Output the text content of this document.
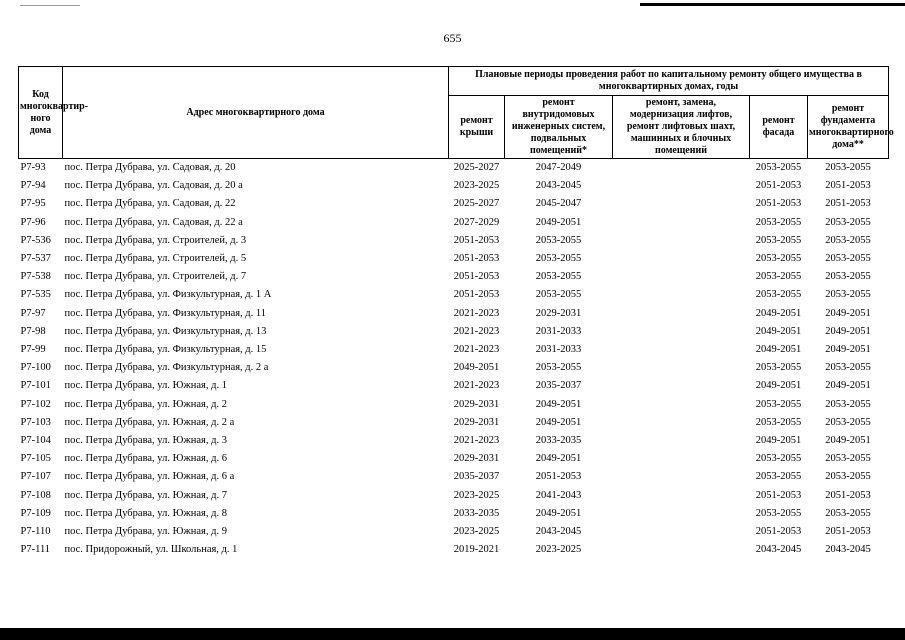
655
Код многоквартир-ного дома	Адрес многоквартирного дома	Плановые периоды проведения работ по капитальному ремонту общего имущества в многоквартирных домах, годы				
		ремонт крыши	ремонт внутридомовых инженерных систем, подвальных помещений*	ремонт, замена, модернизация лифтов, ремонт лифтовых шахт, машинных и блочных помещений	ремонт фасада	ремонт фундамента многоквартирного дома**
P7-93	пос. Петра Дубрава, ул. Садовая, д. 20	2025-2027	2047-2049		2053-2055	2053-2055
P7-94	пос. Петра Дубрава, ул. Садовая, д. 20 а	2023-2025	2043-2045		2051-2053	2051-2053
P7-95	пос. Петра Дубрава, ул. Садовая, д. 22	2025-2027	2045-2047		2051-2053	2051-2053
P7-96	пос. Петра Дубрава, ул. Садовая, д. 22 а	2027-2029	2049-2051		2053-2055	2053-2055
P7-536	пос. Петра Дубрава, ул. Строителей, д. 3	2051-2053	2053-2055		2053-2055	2053-2055
P7-537	пос. Петра Дубрава, ул. Строителей, д. 5	2051-2053	2053-2055		2053-2055	2053-2055
P7-538	пос. Петра Дубрава, ул. Строителей, д. 7	2051-2053	2053-2055		2053-2055	2053-2055
P7-535	пос. Петра Дубрава, ул. Физкультурная, д. 1 А	2051-2053	2053-2055		2053-2055	2053-2055
P7-97	пос. Петра Дубрава, ул. Физкультурная, д. 11	2021-2023	2029-2031		2049-2051	2049-2051
P7-98	пос. Петра Дубрава, ул. Физкультурная, д. 13	2021-2023	2031-2033		2049-2051	2049-2051
P7-99	пос. Петра Дубрава, ул. Физкультурная, д. 15	2021-2023	2031-2033		2049-2051	2049-2051
P7-100	пос. Петра Дубрава, ул. Физкультурная, д. 2 а	2049-2051	2053-2055		2053-2055	2053-2055
P7-101	пос. Петра Дубрава, ул. Южная, д. 1	2021-2023	2035-2037		2049-2051	2049-2051
P7-102	пос. Петра Дубрава, ул. Южная, д. 2	2029-2031	2049-2051		2053-2055	2053-2055
P7-103	пос. Петра Дубрава, ул. Южная, д. 2 а	2029-2031	2049-2051		2053-2055	2053-2055
P7-104	пос. Петра Дубрава, ул. Южная, д. 3	2021-2023	2033-2035		2049-2051	2049-2051
P7-105	пос. Петра Дубрава, ул. Южная, д. 6	2029-2031	2049-2051		2053-2055	2053-2055
P7-107	пос. Петра Дубрава, ул. Южная, д. 6 а	2035-2037	2051-2053		2053-2055	2053-2055
P7-108	пос. Петра Дубрава, ул. Южная, д. 7	2023-2025	2041-2043		2051-2053	2051-2053
P7-109	пос. Петра Дубрава, ул. Южная, д. 8	2033-2035	2049-2051		2053-2055	2053-2055
P7-110	пос. Петра Дубрава, ул. Южная, д. 9	2023-2025	2043-2045		2051-2053	2051-2053
P7-111	пос. Придорожный, ул. Школьная, д. 1	2019-2021	2023-2025		2043-2045	2043-2045
